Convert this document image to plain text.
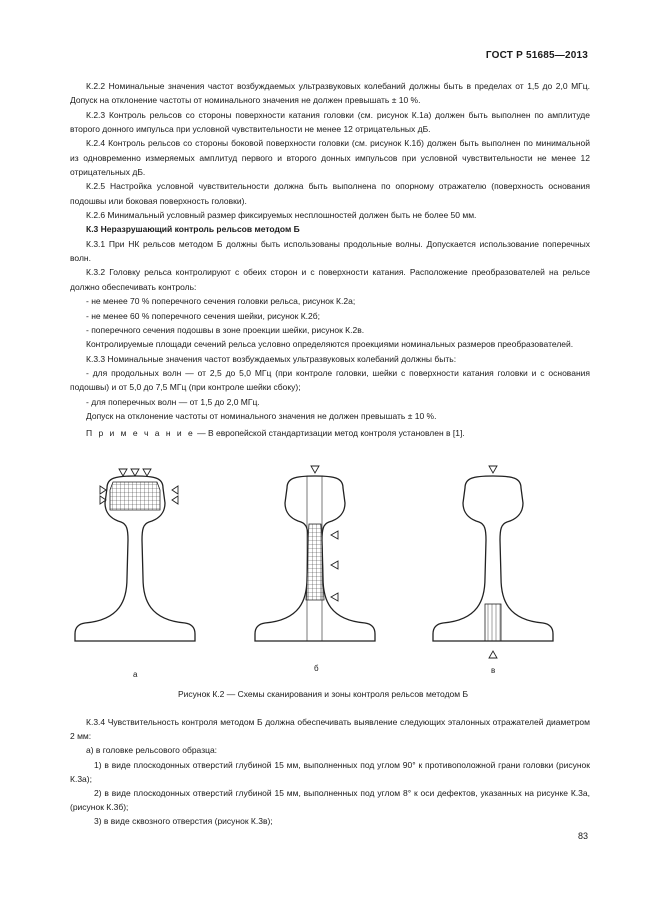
ГОСТ Р 51685—2013

К.2.2 Номинальные значения частот возбуждаемых ультразвуковых колебаний должны быть в пределах от 1,5 до 2,0 МГц. Допуск на отклонение частоты от номинального значения не должен превышать ± 10 %.

К.2.3 Контроль рельсов со стороны поверхности катания головки (см. рисунок К.1а) должен быть выполнен по амплитуде второго донного импульса при условной чувствительности не менее 12 отрицательных дБ.

К.2.4 Контроль рельсов со стороны боковой поверхности головки (см. рисунок К.1б) должен быть выполнен по минимальной из одновременно измеряемых амплитуд первого и второго донных импульсов при условной чувствительности не менее 12 отрицательных дБ.

К.2.5 Настройка условной чувствительности должна быть выполнена по опорному отражателю (поверхность основания подошвы или боковая поверхность головки).

К.2.6 Минимальный условный размер фиксируемых несплошностей должен быть не более 50 мм.

К.3 Неразрушающий контроль рельсов методом Б

К.3.1 При НК рельсов методом Б должны быть использованы продольные волны. Допускается использование поперечных волн.

К.3.2 Головку рельса контролируют с обеих сторон и с поверхности катания. Расположение преобразователей на рельсе должно обеспечивать контроль:

- не менее 70 % поперечного сечения головки рельса, рисунок К.2а;

- не менее 60 % поперечного сечения шейки, рисунок К.2б;

- поперечного сечения подошвы в зоне проекции шейки, рисунок К.2в.

Контролируемые площади сечений рельса условно определяются проекциями номинальных размеров преобразователей.

К.3.3 Номинальные значения частот возбуждаемых ультразвуковых колебаний должны быть:

- для продольных волн — от 2,5 до 5,0 МГц (при контроле головки, шейки с поверхности катания головки и с основания подошвы) и от 5,0 до 7,5 МГц (при контроле шейки сбоку);

- для поперечных волн — от 1,5 до 2,0 МГц.

Допуск на отклонение частоты от номинального значения не должен превышать ± 10 %.

П р и м е ч а н и е — В европейской стандартизации метод контроля установлен в [1].

а
б	в
Рисунок К.2 — Схемы сканирования и зоны контроля рельсов методом Б

К.3.4 Чувствительность контроля методом Б должна обеспечивать выявление следующих эталонных отражателей диаметром 2 мм:

а) в головке рельсового образца:

1) в виде плоскодонных отверстий глубиной 15 мм, выполненных под углом 90° к противоположной грани головки (рисунок К.3а);

2) в виде плоскодонных отверстий глубиной 15 мм, выполненных под углом 8° к оси дефектов, указанных на рисунке К.3а, (рисунок К.3б);

3) в виде сквозного отверстия (рисунок К.3в);

83
